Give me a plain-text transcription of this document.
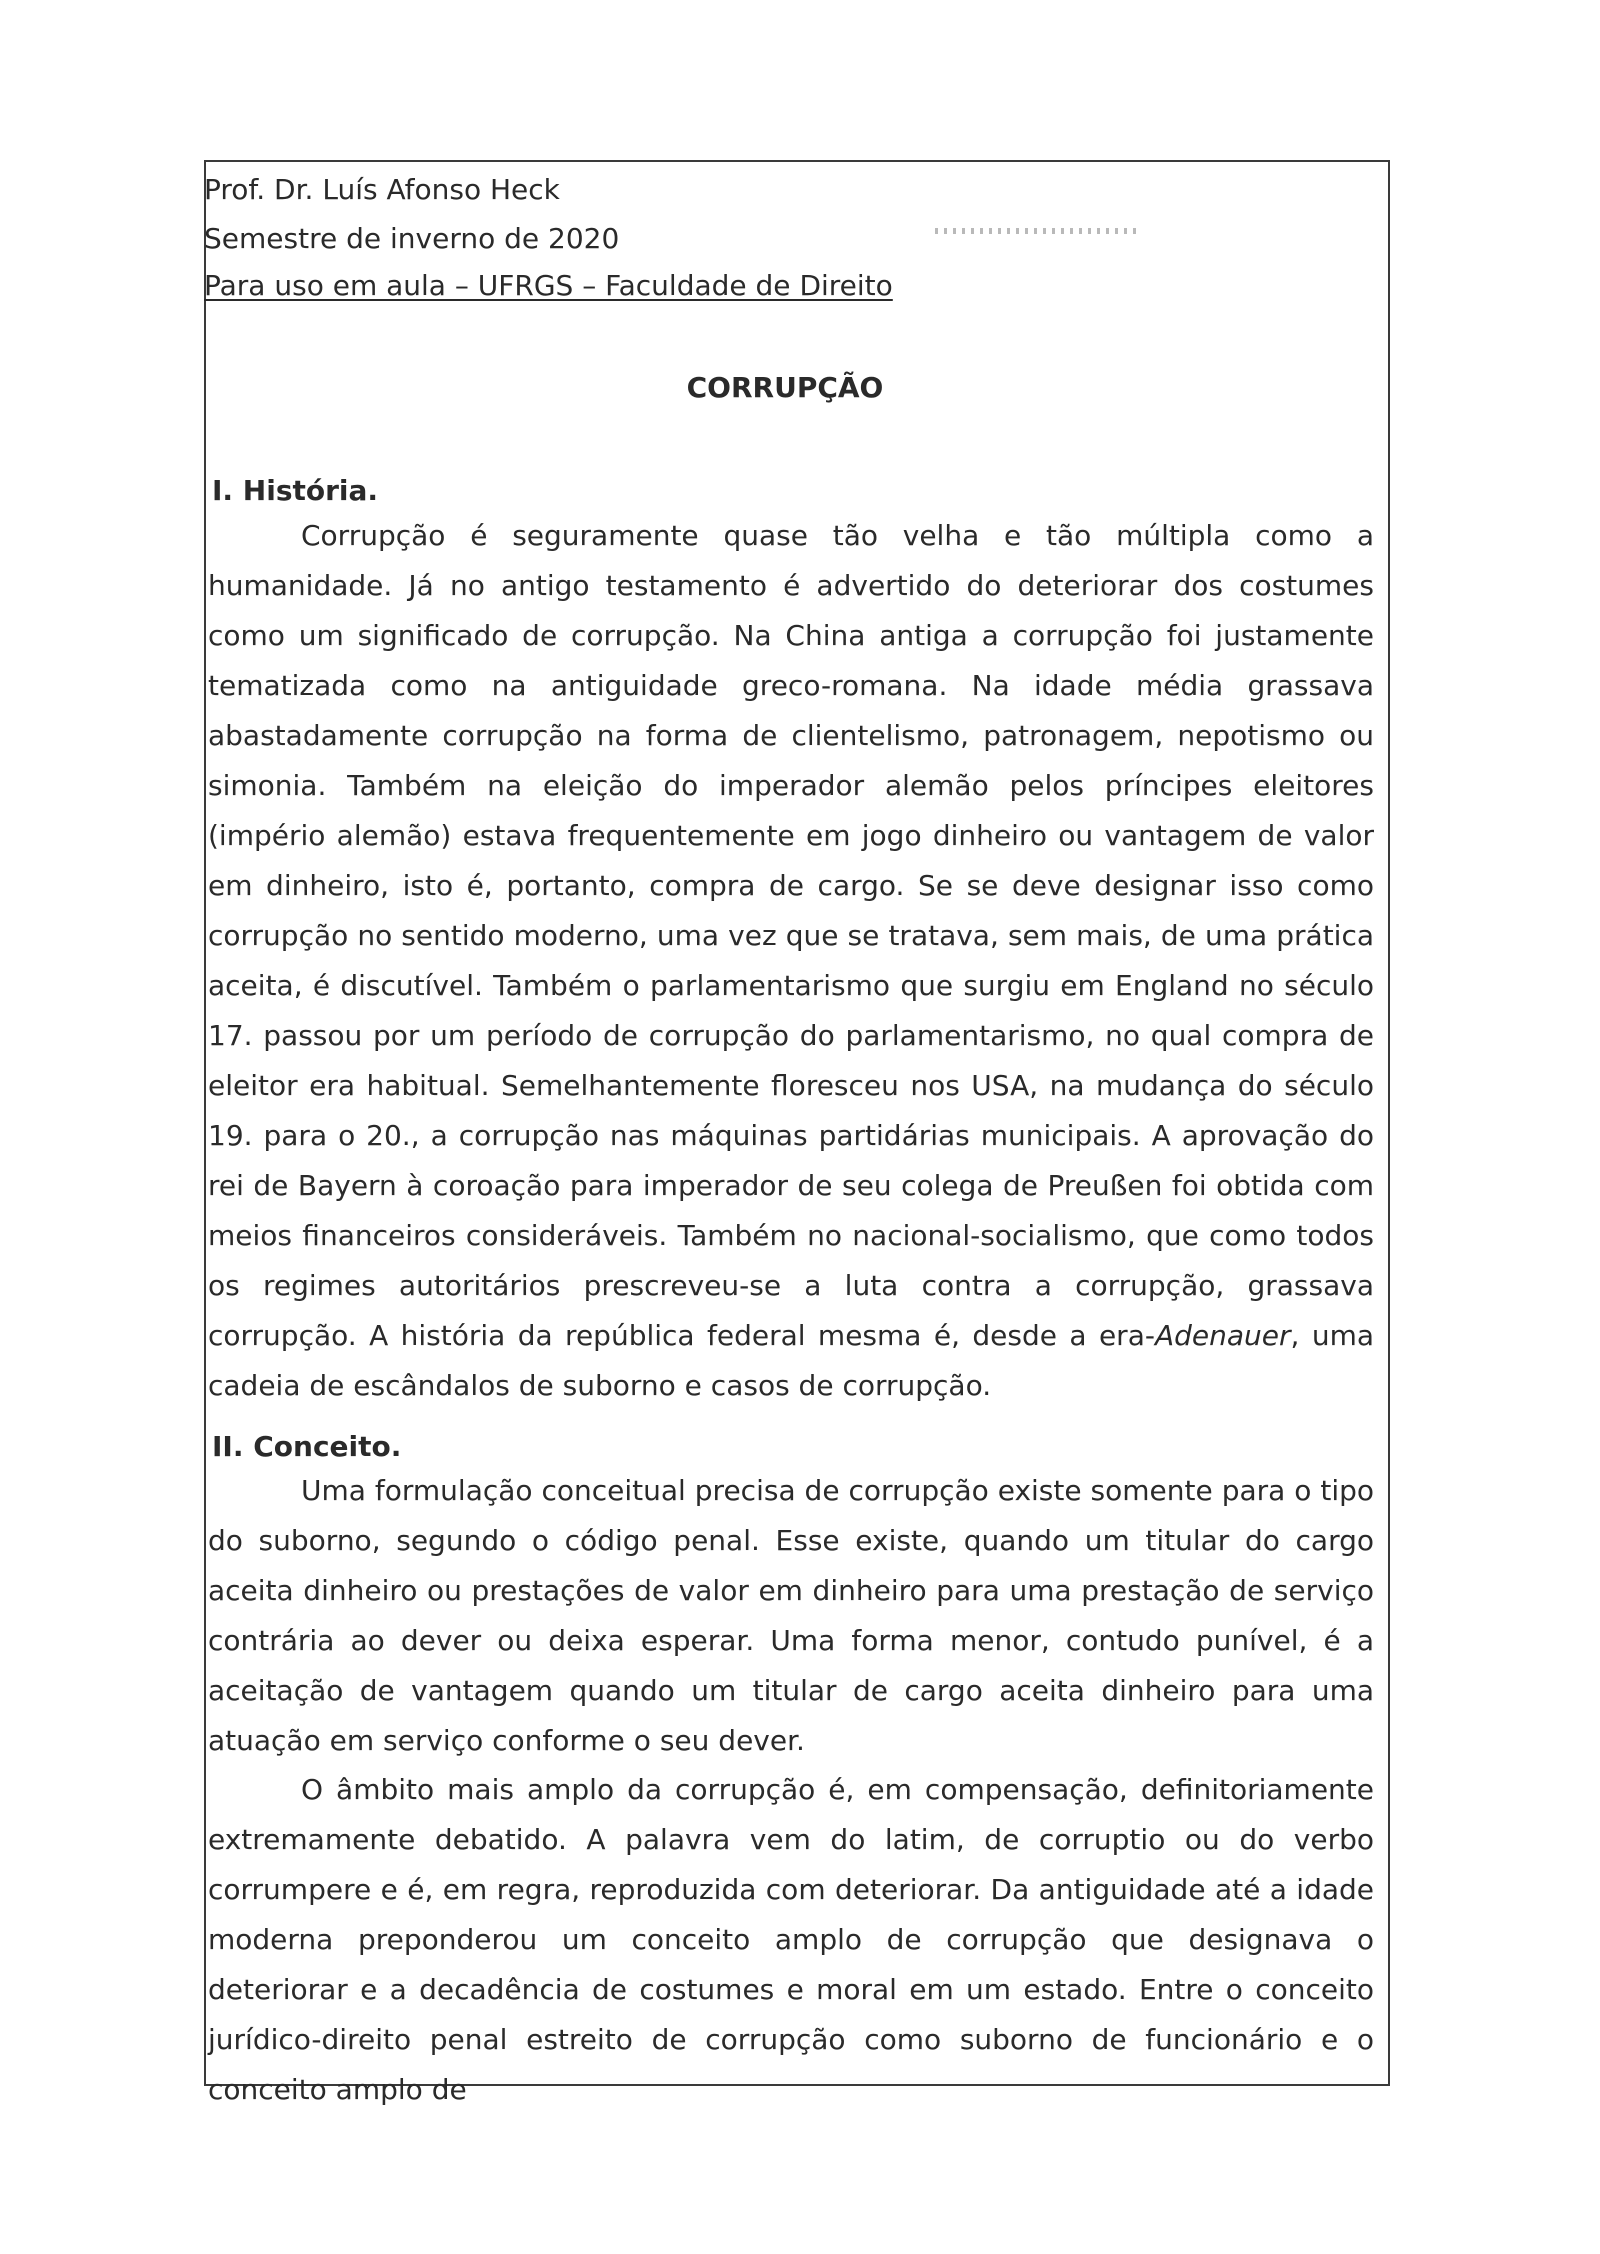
Prof. Dr. Luís Afonso Heck
Semestre de inverno de 2020
Para uso em aula – UFRGS – Faculdade de Direito
CORRUPÇÃO
I. História.

Corrupção é seguramente quase tão velha e tão múltipla como a humanidade. Já no antigo testamento é advertido do deteriorar dos costumes como um significado de corrupção. Na China antiga a corrupção foi justamente tematizada como na antiguidade greco-romana. Na idade média grassava abastadamente corrupção na forma de clientelismo, patronagem, nepotismo ou simonia. Também na eleição do imperador alemão pelos príncipes eleitores (império alemão) estava frequentemente em jogo dinheiro ou vantagem de valor em dinheiro, isto é, portanto, compra de cargo. Se se deve designar isso como corrupção no sentido moderno, uma vez que se tratava, sem mais, de uma prática aceita, é discutível. Também o parlamentarismo que surgiu em England no século 17. passou por um período de corrupção do parlamentarismo, no qual compra de eleitor era habitual. Semelhantemente floresceu nos USA, na mudança do século 19. para o 20., a corrupção nas máquinas partidárias municipais. A aprovação do rei de Bayern à coroação para imperador de seu colega de Preußen foi obtida com meios financeiros consideráveis. Também no nacional-socialismo, que como todos os regimes autoritários prescreveu-se a luta contra a corrupção, grassava corrupção. A história da república federal mesma é, desde a era-Adenauer, uma cadeia de escândalos de suborno e casos de corrupção.

II. Conceito.

Uma formulação conceitual precisa de corrupção existe somente para o tipo do suborno, segundo o código penal. Esse existe, quando um titular do cargo aceita dinheiro ou prestações de valor em dinheiro para uma prestação de serviço contrária ao dever ou deixa esperar. Uma forma menor, contudo punível, é a aceitação de vantagem quando um titular de cargo aceita dinheiro para uma atuação em serviço conforme o seu dever.

O âmbito mais amplo da corrupção é, em compensação, definitoriamente extremamente debatido. A palavra vem do latim, de corruptio ou do verbo corrumpere e é, em regra, reproduzida com deteriorar. Da antiguidade até a idade moderna preponderou um conceito amplo de corrupção que designava o deteriorar e a decadência de costumes e moral em um estado. Entre o conceito jurídico-direito penal estreito de corrupção como suborno de funcionário e o conceito amplo de
